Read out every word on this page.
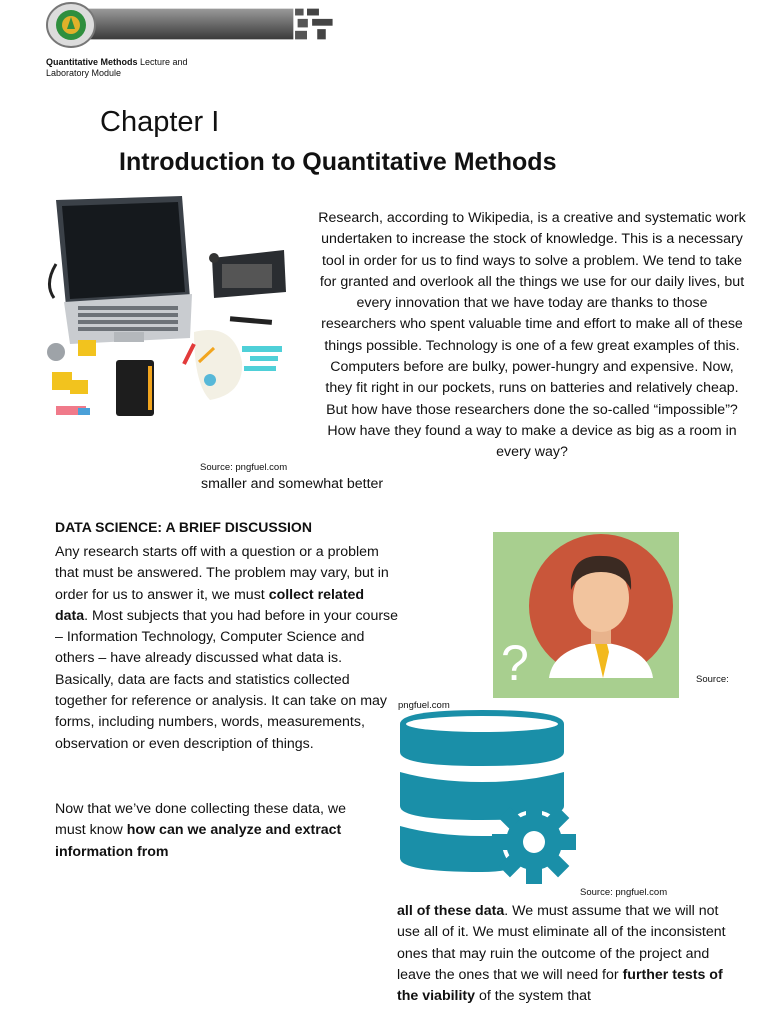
Quantitative Methods Lecture and
Laboratory Module
Chapter I
Introduction to Quantitative Methods
Source: pngfuel.com

Research, according to Wikipedia, is a creative and systematic work undertaken to increase the stock of knowledge. This is a necessary tool in order for us to find ways to solve a problem. We tend to take for granted and overlook all the things we use for our daily lives, but every innovation that we have today are thanks to those researchers who spent valuable time and effort to make all of these things possible. Technology is one of a few great examples of this. Computers before are bulky, power-hungry and expensive. Now, they fit right in our pockets, runs on batteries and relatively cheap. But how have those researchers done the so-called “impossible”? How have they found a way to make a device as big as a room in every way?

smaller and somewhat better
DATA SCIENCE: A BRIEF DISCUSSION

Any research starts off with a question or a problem that must be answered. The problem may vary, but in order for us to answer it, we must collect related data. Most subjects that you had before in your course – Information Technology, Computer Science and others – have already discussed what data is. Basically, data are facts and statistics collected together for reference or analysis. It can take on may forms, including numbers, words, measurements, observation or even description of things.

Now that we’ve done collecting these data, we must know how can we analyze and extract information from

?	Source:
pngfuel.com
Source: pngfuel.com

all of these data. We must assume that we will not use all of it. We must eliminate all of the inconsistent ones that may ruin the outcome of the project and leave the ones that we will need for further tests of the viability of the system that
